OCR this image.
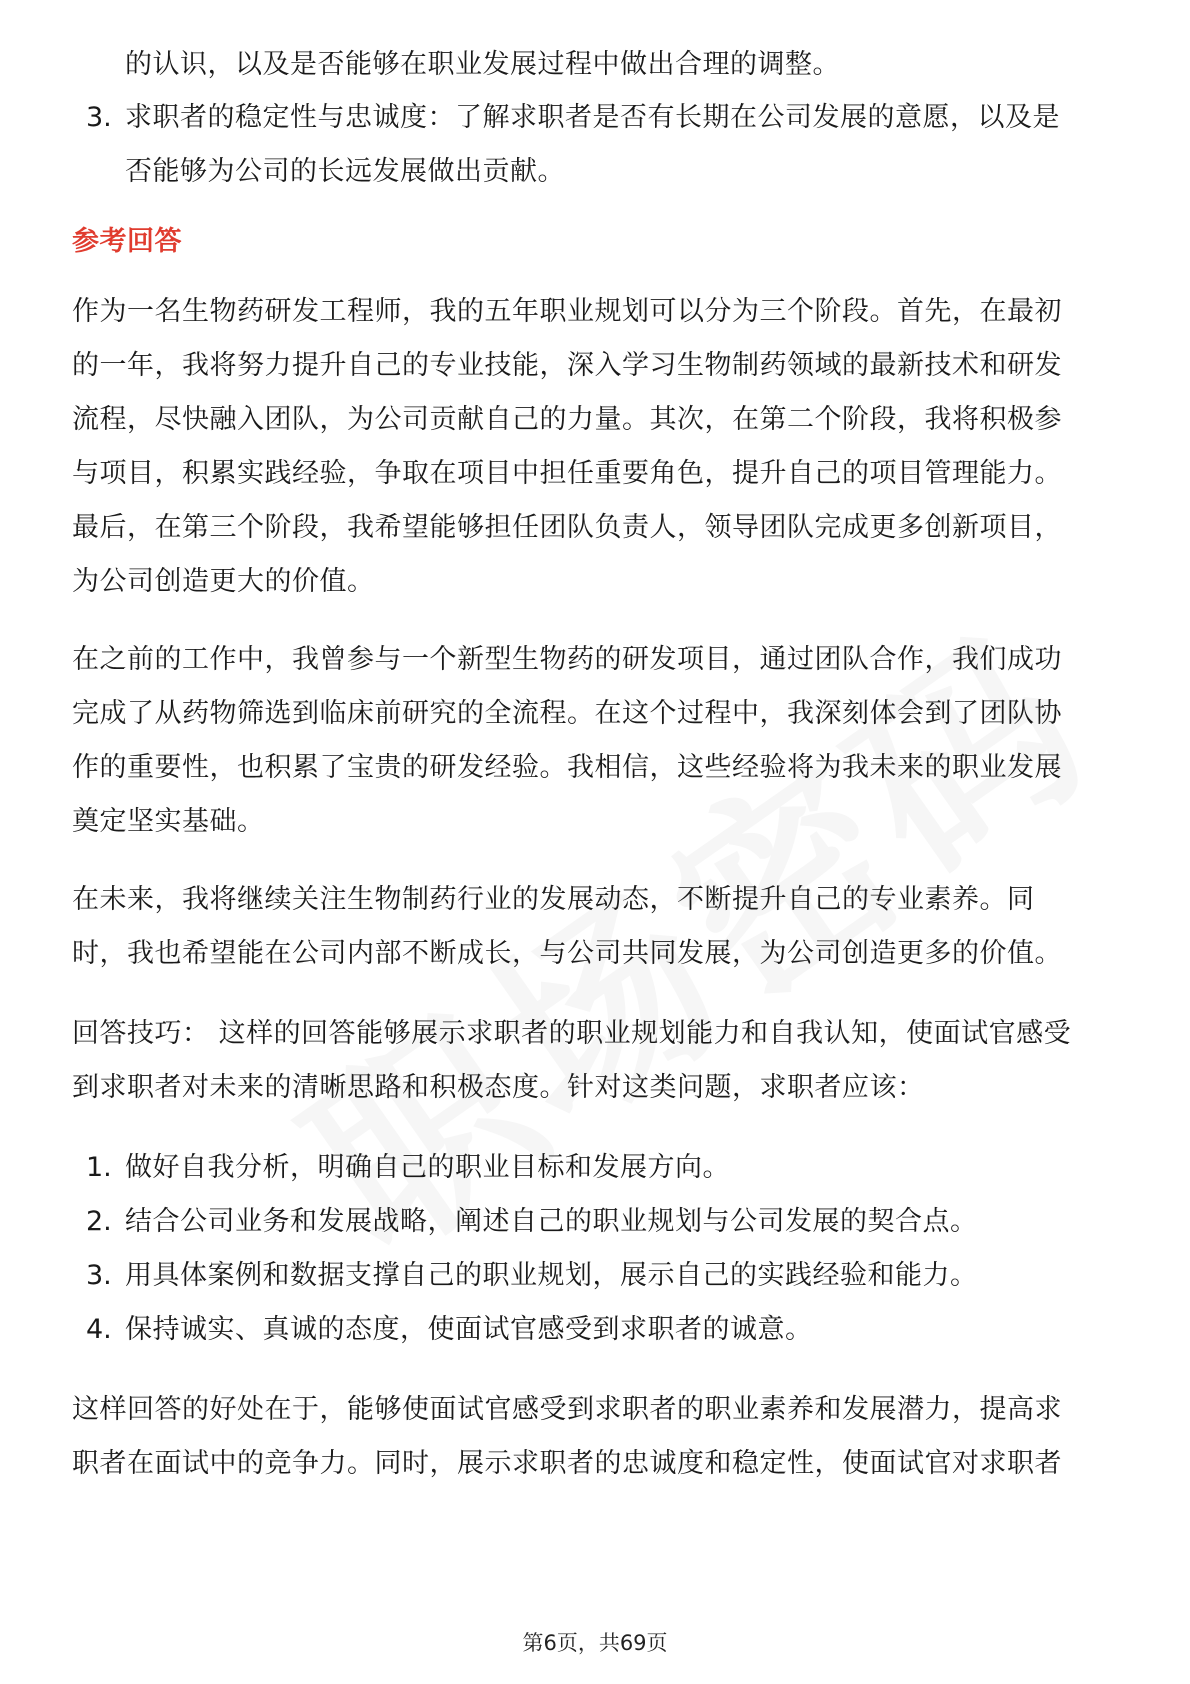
的认识，以及是否能够在职业发展过程中做出合理的调整。
3. 求职者的稳定性与忠诚度：了解求职者是否有长期在公司发展的意愿，以及是
否能够为公司的长远发展做出贡献。
参考回答
作为一名生物药研发工程师，我的五年职业规划可以分为三个阶段。首先，在最初
的一年，我将努力提升自己的专业技能，深入学习生物制药领域的最新技术和研发
流程，尽快融入团队，为公司贡献自己的力量。其次，在第二个阶段，我将积极参
与项目，积累实践经验，争取在项目中担任重要角色，提升自己的项目管理能力。
最后，在第三个阶段，我希望能够担任团队负责人，领导团队完成更多创新项目，
为公司创造更大的价值。
在之前的工作中，我曾参与一个新型生物药的研发项目，通过团队合作，我们成功
完成了从药物筛选到临床前研究的全流程。在这个过程中，我深刻体会到了团队协
作的重要性，也积累了宝贵的研发经验。我相信，这些经验将为我未来的职业发展
奠定坚实基础。
在未来，我将继续关注生物制药行业的发展动态，不断提升自己的专业素养。同
时，我也希望能在公司内部不断成长，与公司共同发展，为公司创造更多的价值。
回答技巧： 这样的回答能够展示求职者的职业规划能力和自我认知，使面试官感受
到求职者对未来的清晰思路和积极态度。针对这类问题，求职者应该：
1. 做好自我分析，明确自己的职业目标和发展方向。
2. 结合公司业务和发展战略，阐述自己的职业规划与公司发展的契合点。
3. 用具体案例和数据支撑自己的职业规划，展示自己的实践经验和能力。
4. 保持诚实、真诚的态度，使面试官感受到求职者的诚意。
这样回答的好处在于，能够使面试官感受到求职者的职业素养和发展潜力，提高求
职者在面试中的竞争力。同时，展示求职者的忠诚度和稳定性，使面试官对求职者
第6页，共69页
